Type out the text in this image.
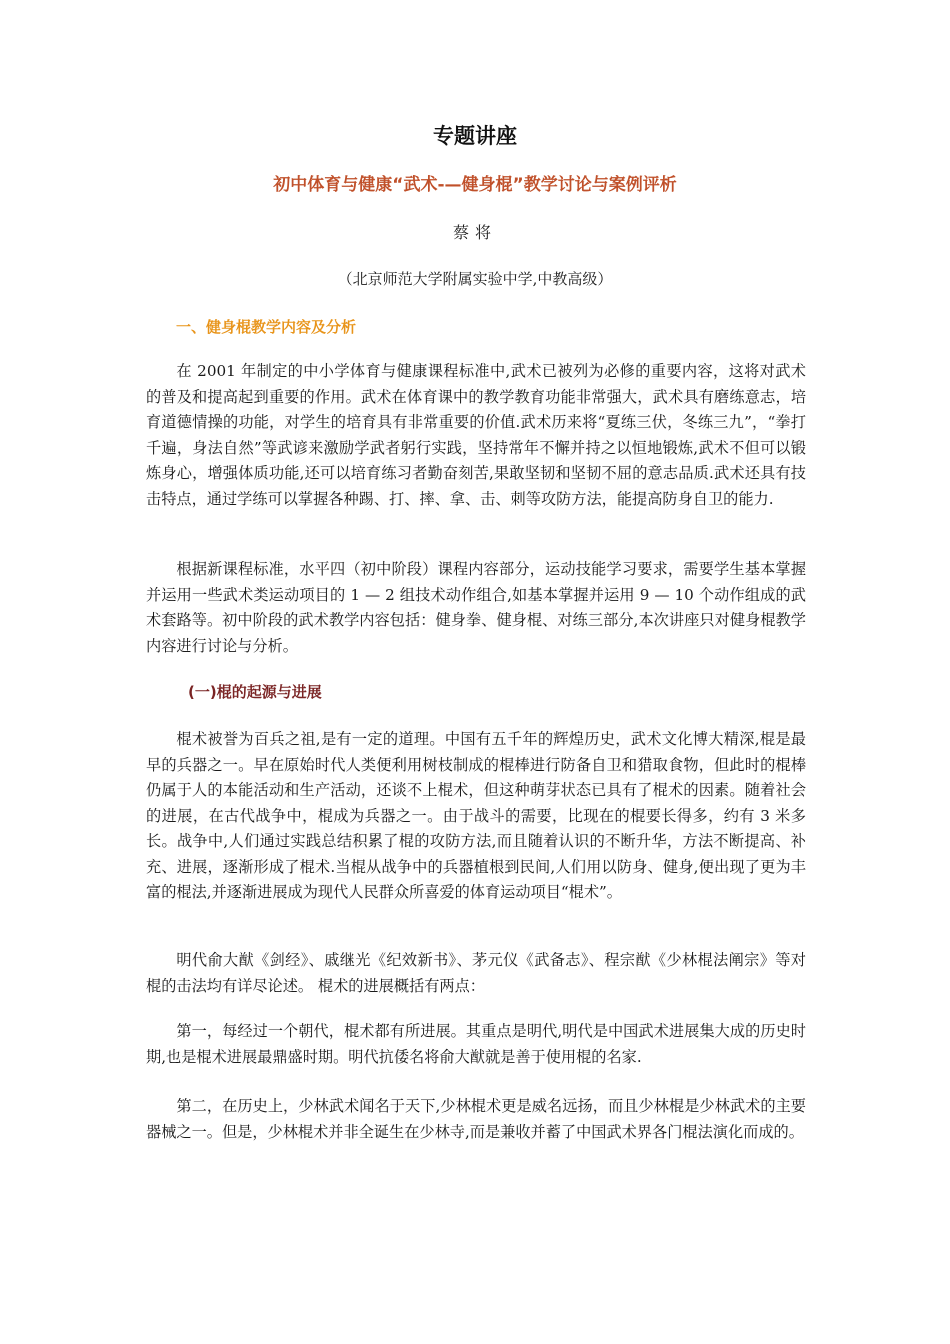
专题讲座
初中体育与健康“武术-—健身棍”教学讨论与案例评析
蔡将
（北京师范大学附属实验中学,中教高级）
一、健身棍教学内容及分析

在 2001 年制定的中小学体育与健康课程标准中,武术已被列为必修的重要内容，这将对武术的普及和提高起到重要的作用。武术在体育课中的教学教育功能非常强大，武术具有磨练意志，培育道德情操的功能，对学生的培育具有非常重要的价值.武术历来将“夏练三伏，冬练三九”，“拳打千遍，身法自然”等武谚来激励学武者躬行实践，坚持常年不懈并持之以恒地锻炼,武术不但可以锻炼身心，增强体质功能,还可以培育练习者勤奋刻苦,果敢坚韧和坚韧不屈的意志品质.武术还具有技击特点，通过学练可以掌握各种踢、打、摔、拿、击、刺等攻防方法，能提高防身自卫的能力.

根据新课程标准，水平四（初中阶段）课程内容部分，运动技能学习要求，需要学生基本掌握并运用一些武术类运动项目的 1 — 2 组技术动作组合,如基本掌握并运用 9 — 10 个动作组成的武术套路等。初中阶段的武术教学内容包括：健身拳、健身棍、对练三部分,本次讲座只对健身棍教学内容进行讨论与分析。

(一)棍的起源与进展

棍术被誉为百兵之祖,是有一定的道理。中国有五千年的辉煌历史，武术文化博大精深,棍是最早的兵器之一。早在原始时代人类便利用树枝制成的棍棒进行防备自卫和猎取食物，但此时的棍棒仍属于人的本能活动和生产活动，还谈不上棍术，但这种萌芽状态已具有了棍术的因素。随着社会的进展，在古代战争中，棍成为兵器之一。由于战斗的需要，比现在的棍要长得多，约有 3 米多长。战争中,人们通过实践总结积累了棍的攻防方法,而且随着认识的不断升华，方法不断提高、补充、进展，逐渐形成了棍术.当棍从战争中的兵器植根到民间,人们用以防身、健身,便出现了更为丰富的棍法,并逐渐进展成为现代人民群众所喜爱的体育运动项目“棍术”。

明代俞大猷《剑经》、戚继光《纪效新书》、茅元仪《武备志》、程宗猷《少林棍法阐宗》等对棍的击法均有详尽论述。 棍术的进展概括有两点：

第一，每经过一个朝代，棍术都有所进展。其重点是明代,明代是中国武术进展集大成的历史时期,也是棍术进展最鼎盛时期。明代抗倭名将俞大猷就是善于使用棍的名家.

第二，在历史上，少林武术闻名于天下,少林棍术更是威名远扬，而且少林棍是少林武术的主要器械之一。但是，少林棍术并非全诞生在少林寺,而是兼收并蓄了中国武术界各门棍法演化而成的。
